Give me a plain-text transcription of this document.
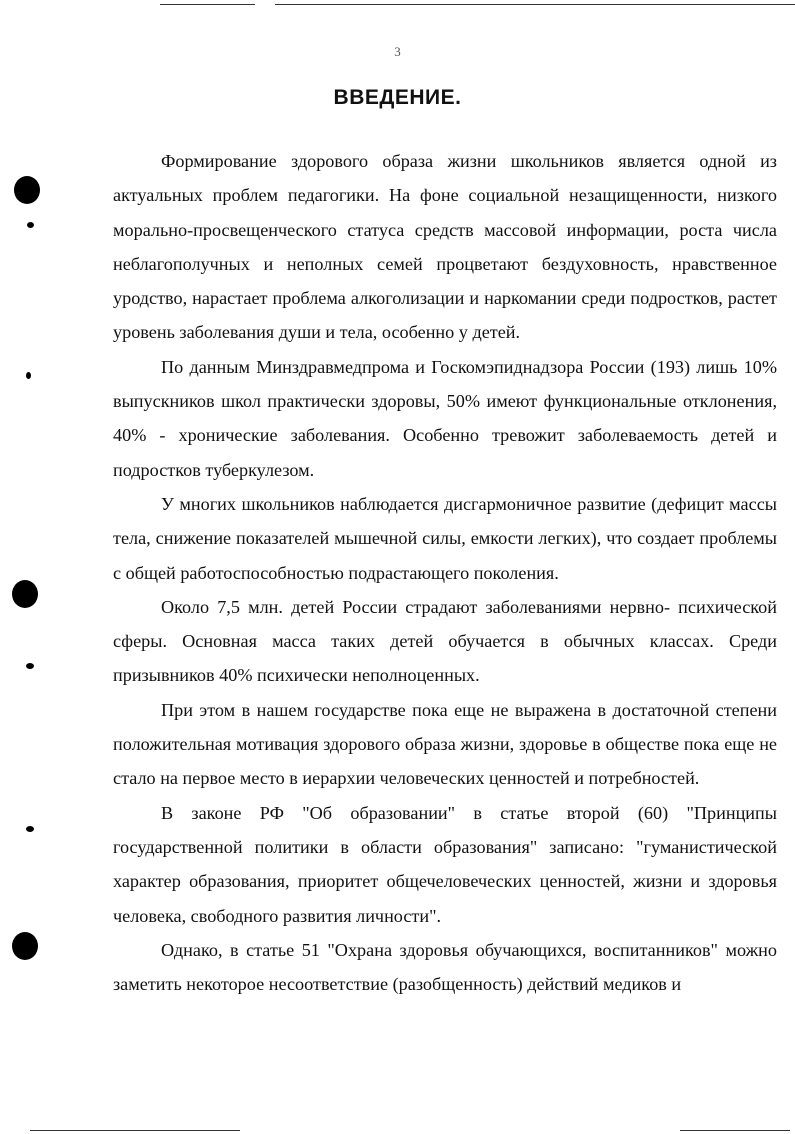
3
ВВЕДЕНИЕ.

Формирование здорового образа жизни школьников является одной из актуальных проблем педагогики. На фоне социальной незащищенности, низкого морально-просвещенческого статуса средств массовой информации, роста числа неблагополучных и неполных семей процветают бездуховность, нравственное уродство, нарастает проблема алкоголизации и наркомании среди подростков, растет уровень заболевания души и тела, особенно у детей.

По данным Минздравмедпрома и Госкомэпиднадзора России (193) лишь 10% выпускников школ практически здоровы, 50% имеют функциональные отклонения, 40% - хронические заболевания. Особенно тревожит заболеваемость детей и подростков туберкулезом.

У многих школьников наблюдается дисгармоничное развитие (дефицит массы тела, снижение показателей мышечной силы, емкости легких), что создает проблемы с общей работоспособностью подрастающего поколения.

Около 7,5 млн. детей России страдают заболеваниями нервно- психической сферы. Основная масса таких детей обучается в обычных классах. Среди призывников 40% психически неполноценных.

При этом в нашем государстве пока еще не выражена в достаточной степени положительная мотивация здорового образа жизни, здоровье в обществе пока еще не стало на первое место в иерархии человеческих ценностей и потребностей.

В законе РФ "Об образовании" в статье второй (60) "Принципы государственной политики в области образования" записано: "гуманистической характер образования, приоритет общечеловеческих ценностей, жизни и здоровья человека, свободного развития личности".

Однако, в статье 51 "Охрана здоровья обучающихся, воспитанников" можно заметить некоторое несоответствие (разобщенность) действий медиков и
